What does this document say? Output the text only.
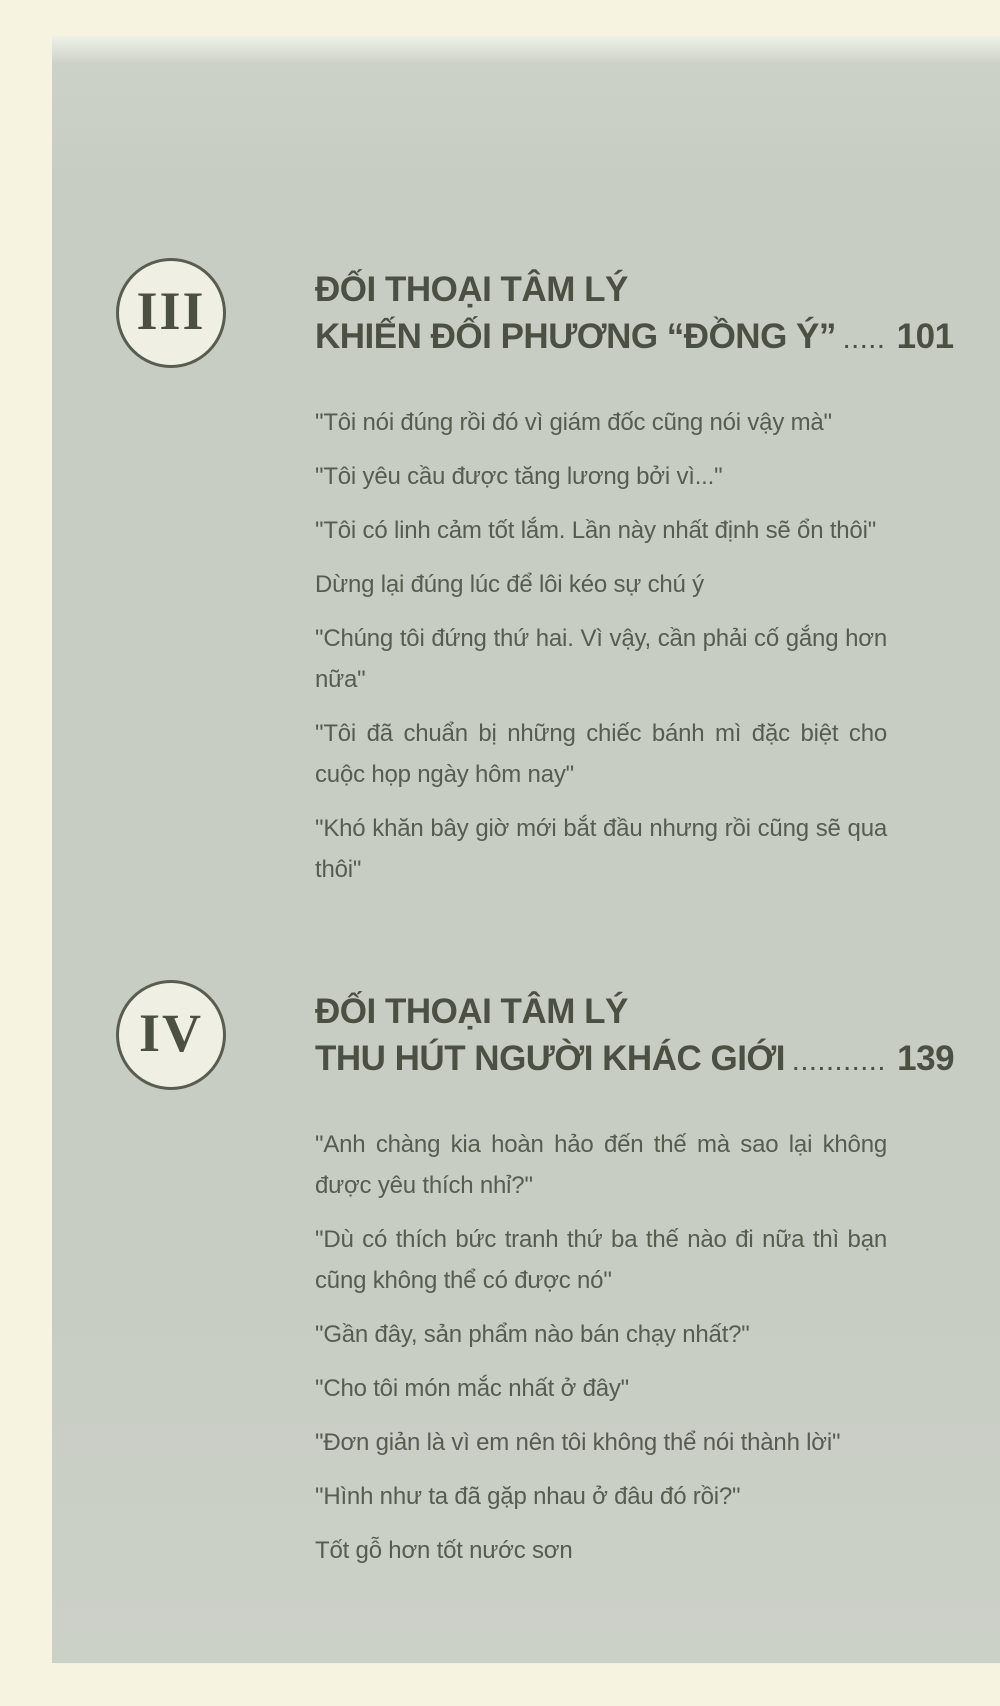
III	ĐỐI THOẠI TÂM LÝ
KHIẾN ĐỐI PHƯƠNG “ĐỒNG Ý” ..... 101
"Tôi nói đúng rồi đó vì giám đốc cũng nói vậy mà"
"Tôi yêu cầu được tăng lương bởi vì..."
"Tôi có linh cảm tốt lắm. Lần này nhất định sẽ ổn thôi"
Dừng lại đúng lúc để lôi kéo sự chú ý
"Chúng tôi đứng thứ hai. Vì vậy, cần phải cố gắng hơn nữa"
"Tôi đã chuẩn bị những chiếc bánh mì đặc biệt cho cuộc họp ngày hôm nay"
"Khó khăn bây giờ mới bắt đầu nhưng rồi cũng sẽ qua thôi"
IV	ĐỐI THOẠI TÂM LÝ
THU HÚT NGƯỜI KHÁC GIỚI ........... 139
"Anh chàng kia hoàn hảo đến thế mà sao lại không được yêu thích nhỉ?"
"Dù có thích bức tranh thứ ba thế nào đi nữa thì bạn cũng không thể có được nó"
"Gần đây, sản phẩm nào bán chạy nhất?"
"Cho tôi món mắc nhất ở đây"
"Đơn giản là vì em nên tôi không thể nói thành lời"
"Hình như ta đã gặp nhau ở đâu đó rồi?"
Tốt gỗ hơn tốt nước sơn
